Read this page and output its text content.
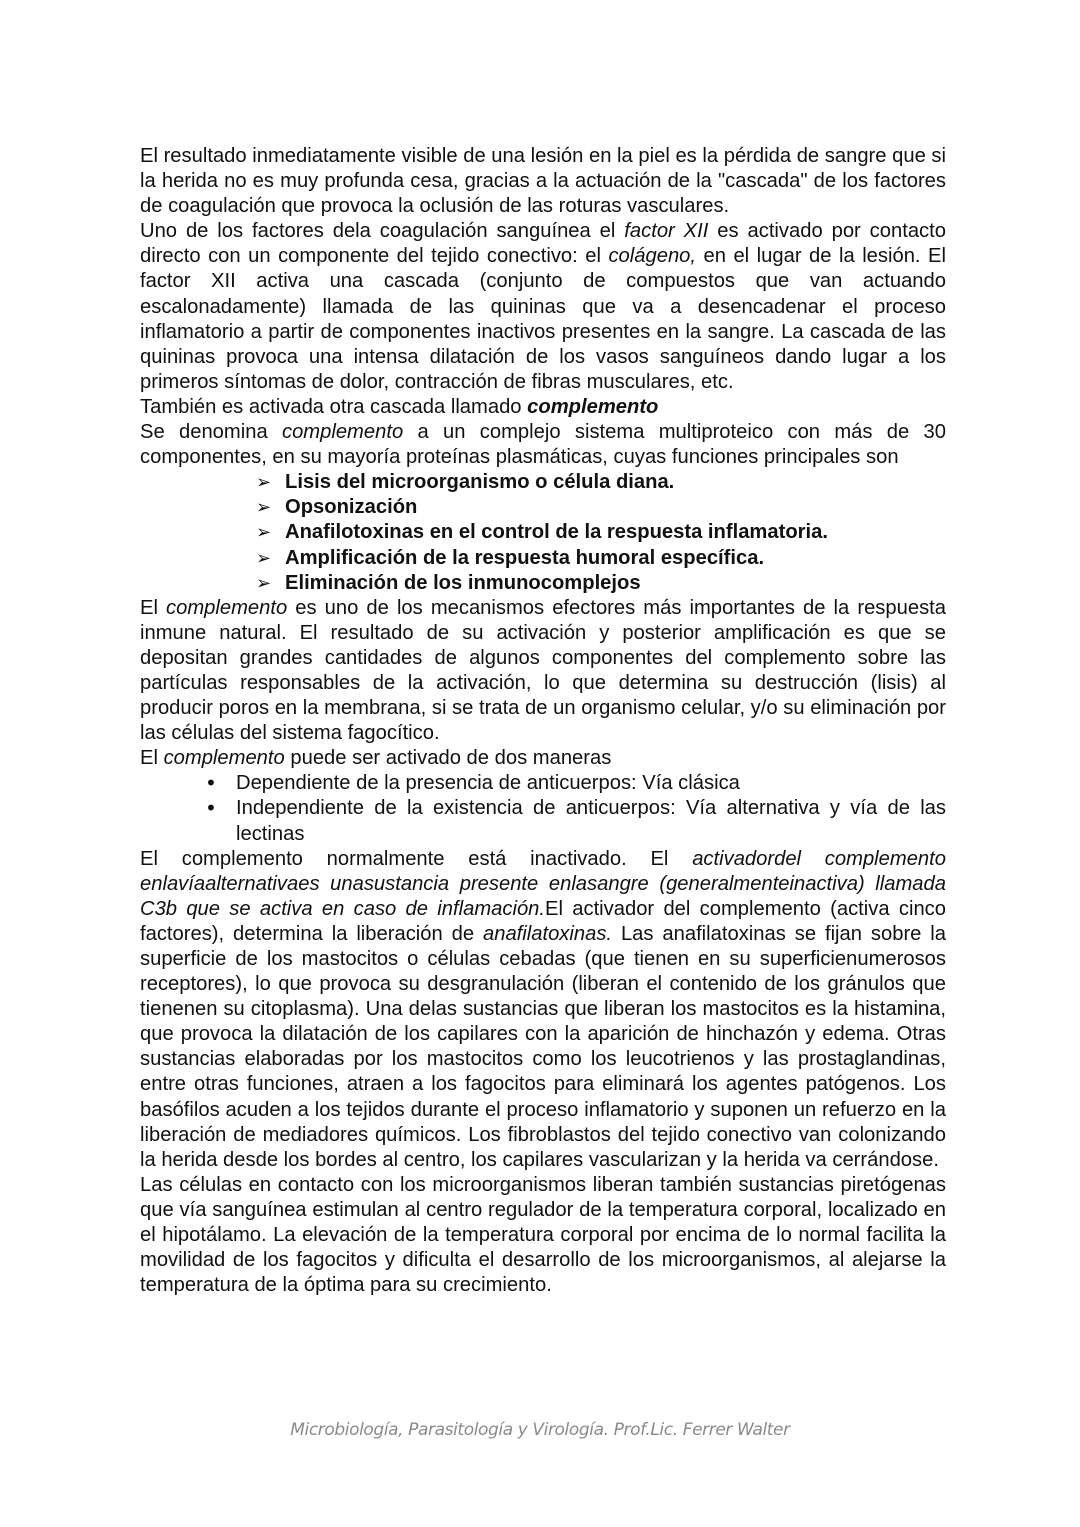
El resultado inmediatamente visible de una lesión en la piel es la pérdida de sangre que si la herida no es muy profunda cesa, gracias a la actuación de la "cascada" de los factores de coagulación que provoca la oclusión de las roturas vasculares.

Uno de los factores dela coagulación sanguínea el factor XII es activado por contacto directo con un componente del tejido conectivo: el colágeno, en el lugar de la lesión. El factor XII activa una cascada (conjunto de compuestos que van actuando escalonadamente) llamada de las quininas que va a desencadenar el proceso inflamatorio a partir de componentes inactivos presentes en la sangre. La cascada de las quininas provoca una intensa dilatación de los vasos sanguíneos dando lugar a los primeros síntomas de dolor, contracción de fibras musculares, etc.

También es activada otra cascada llamado complemento

Se denomina complemento a un complejo sistema multiproteico con más de 30 componentes, en su mayoría proteínas plasmáticas, cuyas funciones principales son

➢ Lisis del microorganismo o célula diana.
➢ Opsonización
➢ Anafilotoxinas en el control de la respuesta inflamatoria.
➢ Amplificación de la respuesta humoral específica.
➢ Eliminación de los inmunocomplejos

El complemento es uno de los mecanismos efectores más importantes de la respuesta inmune natural. El resultado de su activación y posterior amplificación es que se depositan grandes cantidades de algunos componentes del complemento sobre las partículas responsables de la activación, lo que determina su destrucción (lisis) al producir poros en la membrana, si se trata de un organismo celular, y/o su eliminación por las células del sistema fagocítico.

El complemento puede ser activado de dos maneras

• Dependiente de la presencia de anticuerpos: Vía clásica
• Independiente de la existencia de anticuerpos: Vía alternativa y vía de las lectinas

El complemento normalmente está inactivado. El activadordel complemento enlavíaalternativaes unasustancia presente enlasangre (generalmenteinactiva) llamada C3b que se activa en caso de inflamación.El activador del complemento (activa cinco factores), determina la liberación de anafilatoxinas. Las anafilatoxinas se fijan sobre la superficie de los mastocitos o células cebadas (que tienen en su superficienumerosos receptores), lo que provoca su desgranulación (liberan el contenido de los gránulos que tienenen su citoplasma). Una delas sustancias que liberan los mastocitos es la histamina, que provoca la dilatación de los capilares con la aparición de hinchazón y edema. Otras sustancias elaboradas por los mastocitos como los leucotrienos y las prostaglandinas, entre otras funciones, atraen a los fagocitos para eliminará los agentes patógenos. Los basófilos acuden a los tejidos durante el proceso inflamatorio y suponen un refuerzo en la liberación de mediadores químicos. Los fibroblastos del tejido conectivo van colonizando la herida desde los bordes al centro, los capilares vascularizan y la herida va cerrándose.

Las células en contacto con los microorganismos liberan también sustancias piretógenas que vía sanguínea estimulan al centro regulador de la temperatura corporal, localizado en el hipotálamo. La elevación de la temperatura corporal por encima de lo normal facilita la movilidad de los fagocitos y dificulta el desarrollo de los microorganismos, al alejarse la temperatura de la óptima para su crecimiento.

Microbiología, Parasitología y Virología. Prof.Lic. Ferrer Walter
